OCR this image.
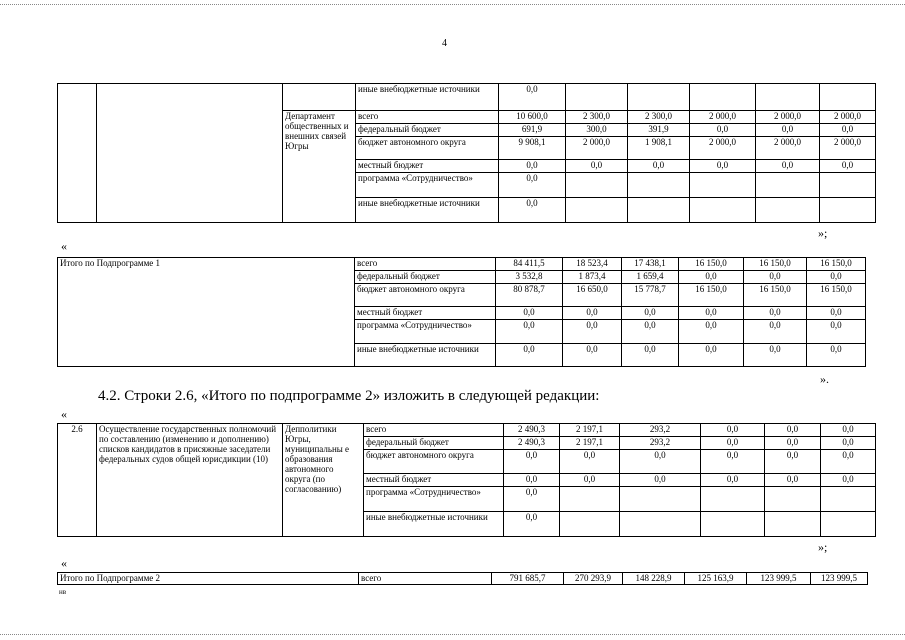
4
			иные внебюджетные источники	0,0					
		Департамент общественных и внешних связей Югры	всего	10 600,0	2 300,0	2 300,0	2 000,0	2 000,0	2 000,0
			федеральный бюджет	691,9	300,0	391,9	0,0	0,0	0,0
			бюджет автономного округа	9 908,1	2 000,0	1 908,1	2 000,0	2 000,0	2 000,0
			местный бюджет	0,0	0,0	0,0	0,0	0,0	0,0
			программа «Сотрудничество»	0,0					
			иные внебюджетные источники	0,0					
»;
«
Итого по Подпрограмме 1	всего	84 411,5	18 523,4	17 438,1	16 150,0	16 150,0	16 150,0
	федеральный бюджет	3 532,8	1 873,4	1 659,4	0,0	0,0	0,0
	бюджет автономного округа	80 878,7	16 650,0	15 778,7	16 150,0	16 150,0	16 150,0
	местный бюджет	0,0	0,0	0,0	0,0	0,0	0,0
	программа «Сотрудничество»	0,0	0,0	0,0	0,0	0,0	0,0
	иные внебюджетные источники	0,0	0,0	0,0	0,0	0,0	0,0
».
4.2. Строки 2.6, «Итого по подпрограмме 2» изложить в следующей редакции:
«
2.6	Осуществление государственных полномочий по составлению (изменению и дополнению) списков кандидатов в присяжные заседатели федеральных судов общей юрисдикции (10)	Депполитики Югры, муниципальны е образования автономного округа (по согласованию)	всего	2 490,3	2 197,1	293,2	0,0	0,0	0,0
			федеральный бюджет	2 490,3	2 197,1	293,2	0,0	0,0	0,0
			бюджет автономного округа	0,0	0,0	0,0	0,0	0,0	0,0
			местный бюджет	0,0	0,0	0,0	0,0	0,0	0,0
			программа «Сотрудничество»	0,0					
			иные внебюджетные источники	0,0					
»;
«
Итого по Подпрограмме 2	всего	791 685,7	270 293,9	148 228,9	125 163,9	123 999,5	123 999,5
нв
